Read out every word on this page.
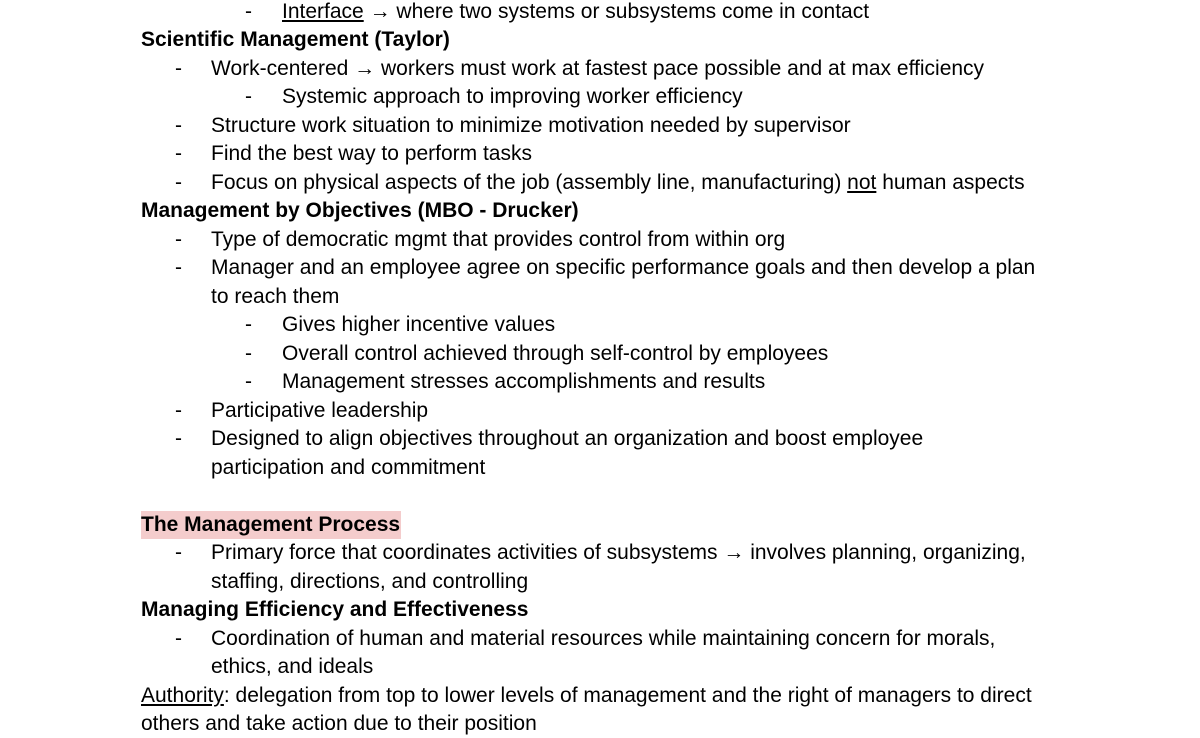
- Interface → where two systems or subsystems come in contact
Scientific Management (Taylor)
- Work-centered → workers must work at fastest pace possible and at max efficiency
- Systemic approach to improving worker efficiency
- Structure work situation to minimize motivation needed by supervisor
- Find the best way to perform tasks
- Focus on physical aspects of the job (assembly line, manufacturing) not human aspects
Management by Objectives (MBO - Drucker)
- Type of democratic mgmt that provides control from within org
- Manager and an employee agree on specific performance goals and then develop a plan
to reach them
- Gives higher incentive values
- Overall control achieved through self-control by employees
- Management stresses accomplishments and results
- Participative leadership
- Designed to align objectives throughout an organization and boost employee
participation and commitment
The Management Process
- Primary force that coordinates activities of subsystems → involves planning, organizing,
staffing, directions, and controlling
Managing Efficiency and Effectiveness
- Coordination of human and material resources while maintaining concern for morals,
ethics, and ideals
Authority: delegation from top to lower levels of management and the right of managers to direct
others and take action due to their position
